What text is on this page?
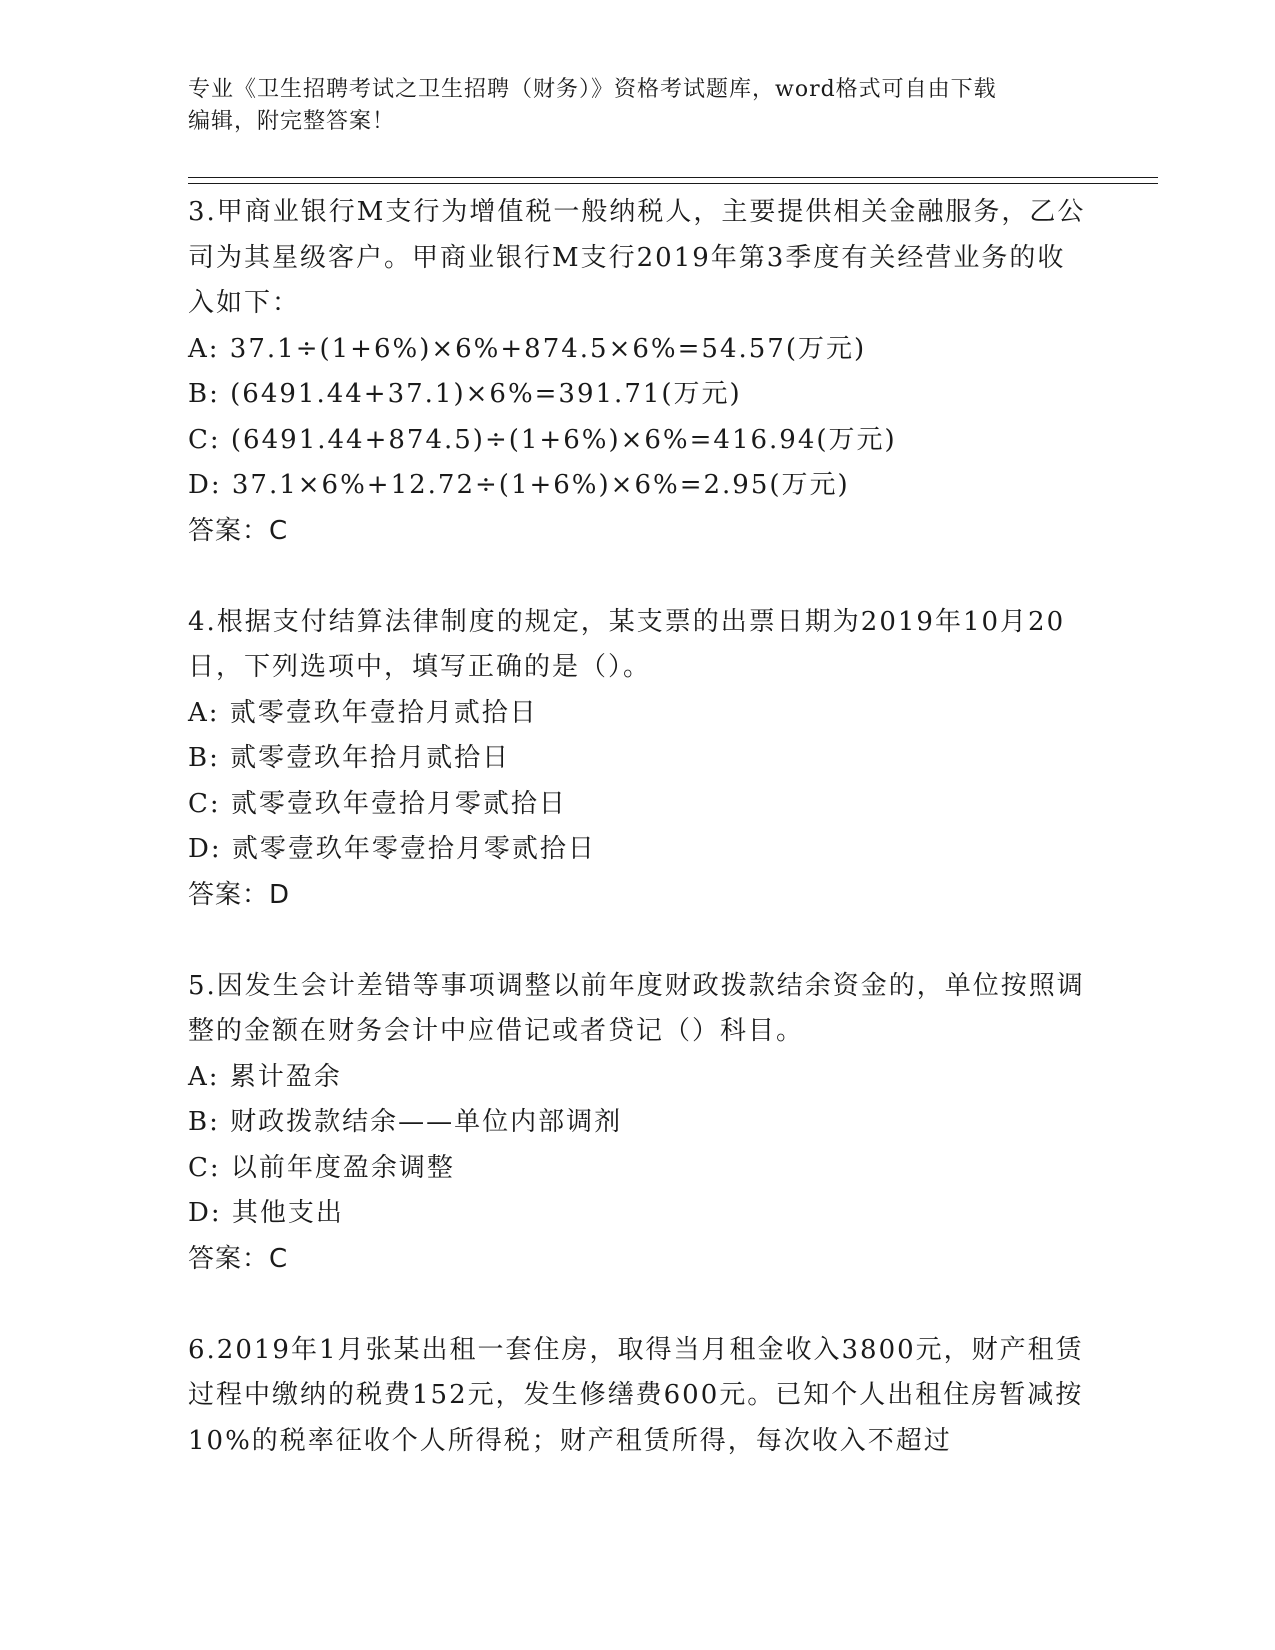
专业《卫生招聘考试之卫生招聘（财务）》资格考试题库，word格式可自由下载
编辑，附完整答案！

3.甲商业银行M支行为增值税一般纳税人，主要提供相关金融服务，乙公司为其星级客户。甲商业银行M支行2019年第3季度有关经营业务的收入如下：

A: 37.1÷(1+6%)×6%+874.5×6%=54.57(万元)

B: (6491.44+37.1)×6%=391.71(万元)

C: (6491.44+874.5)÷(1+6%)×6%=416.94(万元)

D: 37.1×6%+12.72÷(1+6%)×6%=2.95(万元)

答案：C

4.根据支付结算法律制度的规定，某支票的出票日期为2019年10月20日，下列选项中，填写正确的是（）。

A: 贰零壹玖年壹拾月贰拾日

B: 贰零壹玖年拾月贰拾日

C: 贰零壹玖年壹拾月零贰拾日

D: 贰零壹玖年零壹拾月零贰拾日

答案：D

5.因发生会计差错等事项调整以前年度财政拨款结余资金的，单位按照调整的金额在财务会计中应借记或者贷记（）科目。

A: 累计盈余

B: 财政拨款结余——单位内部调剂

C: 以前年度盈余调整

D: 其他支出

答案：C

6.2019年1月张某出租一套住房，取得当月租金收入3800元，财产租赁过程中缴纳的税费152元，发生修缮费600元。已知个人出租住房暂减按10%的税率征收个人所得税；财产租赁所得，每次收入不超过
